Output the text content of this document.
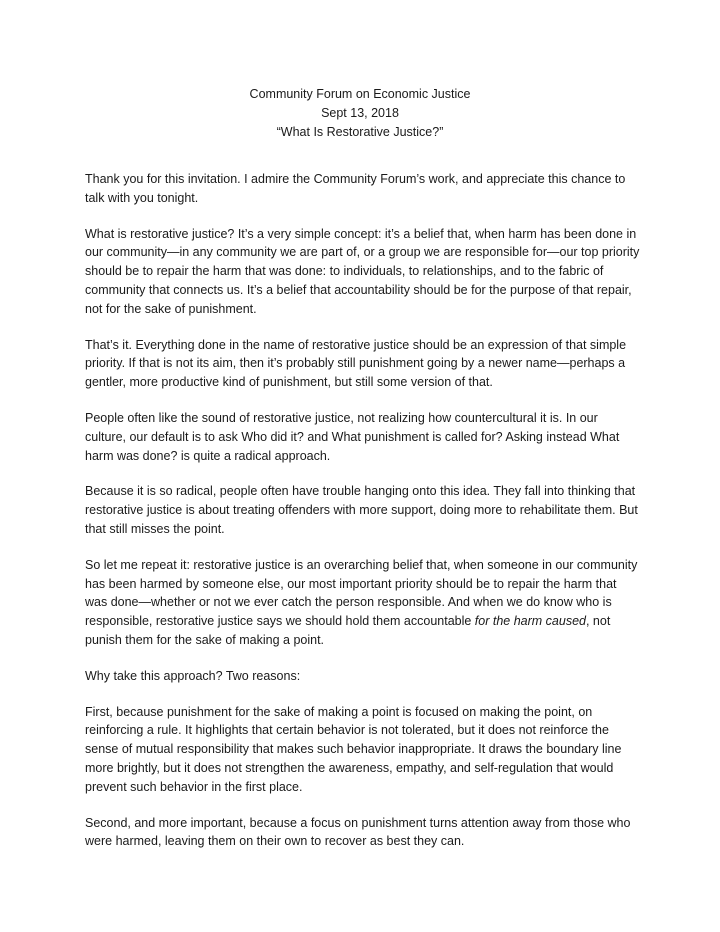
Community Forum on Economic Justice

Sept 13, 2018

“What Is Restorative Justice?”

Thank you for this invitation. I admire the Community Forum’s work, and appreciate this chance to talk with you tonight.

What is restorative justice? It’s a very simple concept: it’s a belief that, when harm has been done in our community—in any community we are part of, or a group we are responsible for—our top priority should be to repair the harm that was done: to individuals, to relationships, and to the fabric of community that connects us. It’s a belief that accountability should be for the purpose of that repair, not for the sake of punishment.

That’s it. Everything done in the name of restorative justice should be an expression of that simple priority. If that is not its aim, then it’s probably still punishment going by a newer name—perhaps a gentler, more productive kind of punishment, but still some version of that.

People often like the sound of restorative justice, not realizing how countercultural it is. In our culture, our default is to ask Who did it? and What punishment is called for? Asking instead What harm was done? is quite a radical approach.

Because it is so radical, people often have trouble hanging onto this idea. They fall into thinking that restorative justice is about treating offenders with more support, doing more to rehabilitate them. But that still misses the point.

So let me repeat it: restorative justice is an overarching belief that, when someone in our community has been harmed by someone else, our most important priority should be to repair the harm that was done—whether or not we ever catch the person responsible. And when we do know who is responsible, restorative justice says we should hold them accountable for the harm caused, not punish them for the sake of making a point.

Why take this approach? Two reasons:

First, because punishment for the sake of making a point is focused on making the point, on reinforcing a rule. It highlights that certain behavior is not tolerated, but it does not reinforce the sense of mutual responsibility that makes such behavior inappropriate. It draws the boundary line more brightly, but it does not strengthen the awareness, empathy, and self-regulation that would prevent such behavior in the first place.

Second, and more important, because a focus on punishment turns attention away from those who were harmed, leaving them on their own to recover as best they can.
